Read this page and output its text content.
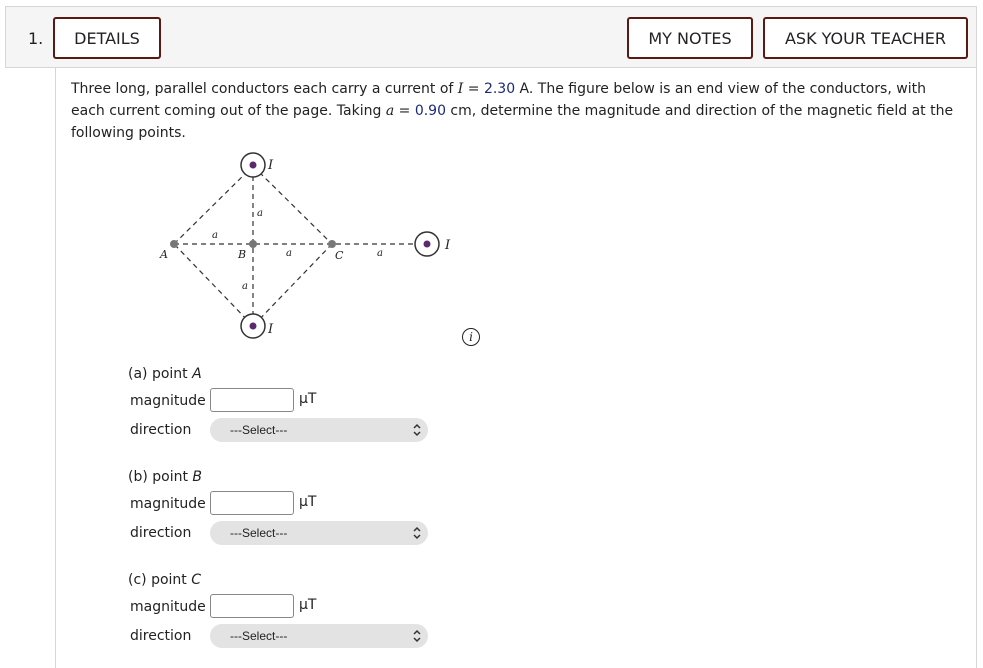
1.	DETAILS	MY NOTES	ASK YOUR TEACHER
Three long, parallel conductors each carry a current of I = 2.30 A. The figure below is an end view of the conductors, with each current coming out of the page. Taking a = 0.90 cm, determine the magnitude and direction of the magnetic field at the following points.
I
I
I
a
a
a	a
a
A	B	C
i
(a) point A
magnitude	μT
direction	---Select---
(b) point B
magnitude	μT
direction	---Select---
(c) point C
magnitude	μT
direction	---Select---
